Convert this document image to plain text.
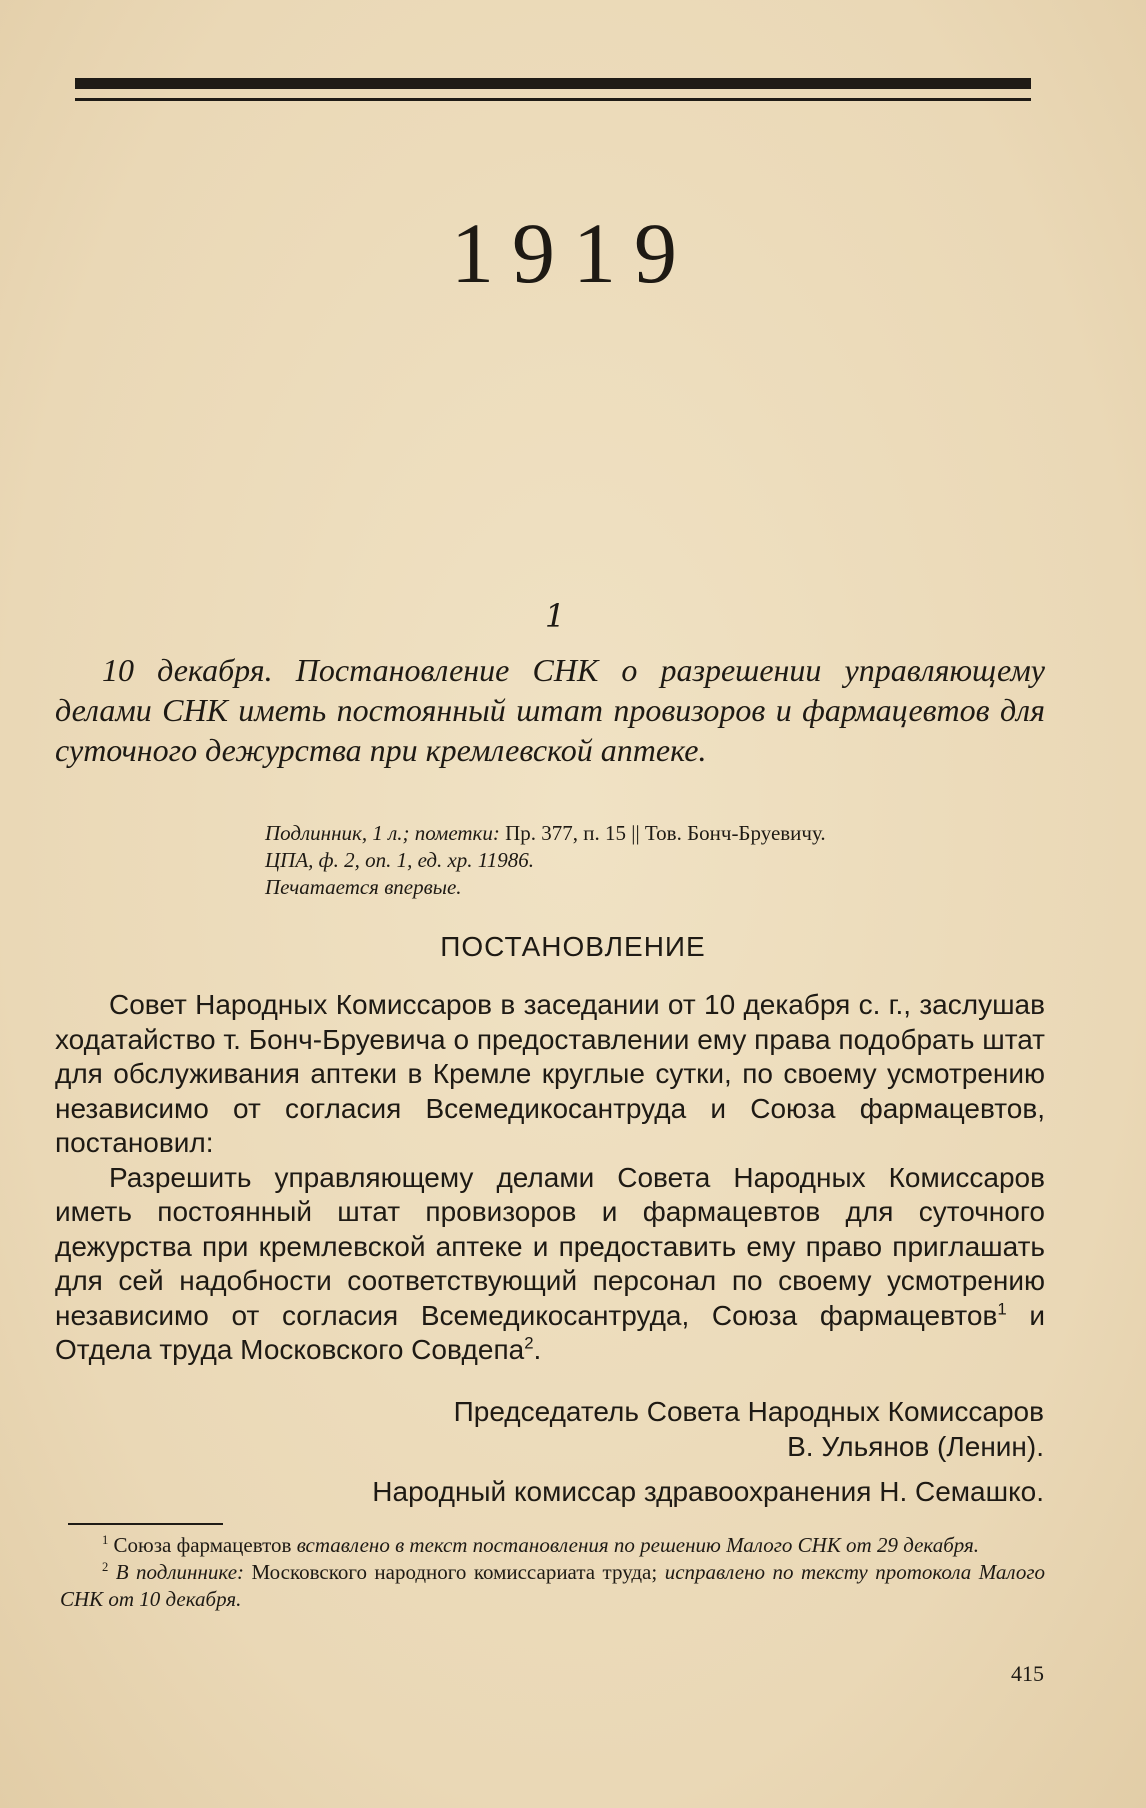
1919
1
10 декабря. Постановление СНК о разрешении управляющему делами СНК иметь постоянный штат провизоров и фармацевтов для суточного дежурства при кремлевской аптеке.
Подлинник, 1 л.; пометки: Пр. 377, п. 15 || Тов. Бонч-Бруевичу.
ЦПА, ф. 2, оп. 1, ед. хр. 11986.
Печатается впервые.
ПОСТАНОВЛЕНИЕ

Совет Народных Комиссаров в заседании от 10 декабря с. г., заслушав ходатайство т. Бонч-Бруевича о предоставлении ему права подобрать штат для обслуживания аптеки в Кремле круглые сутки, по своему усмотрению независимо от согласия Всемедикосантруда и Союза фармацевтов, постановил:

Разрешить управляющему делами Совета Народных Комиссаров иметь постоянный штат провизоров и фармацевтов для суточного дежурства при кремлевской аптеке и предоставить ему право приглашать для сей надобности соответствующий персонал по своему усмотрению независимо от согласия Всемедикосантруда, Союза фармацевтов$^1$ и Отдела труда Московского Совдепа$^2$.

Председатель Совета Народных Комиссаров
В. Ульянов (Ленин).
Народный комиссар здравоохранения Н. Семашко.

$^1$ Союза фармацевтов вставлено в текст постановления по решению Малого СНК от 29 декабря.

$^2$ В подлиннике: Московского народного комиссариата труда; исправлено по тексту протокола Малого СНК от 10 декабря.

415
